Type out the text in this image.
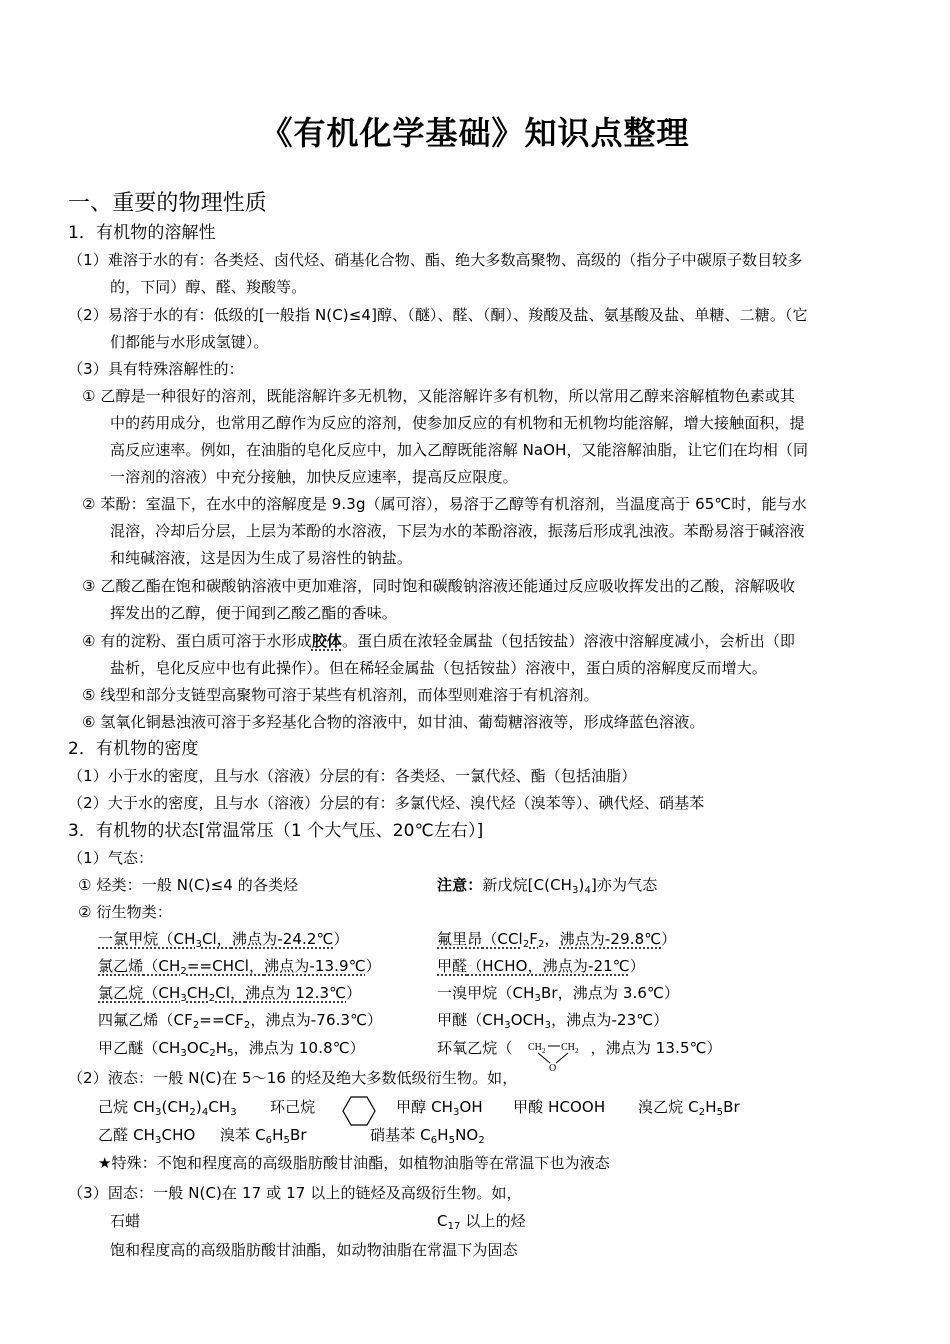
《有机化学基础》知识点整理
一、重要的物理性质
1．有机物的溶解性
（1）难溶于水的有：各类烃、卤代烃、硝基化合物、酯、绝大多数高聚物、高级的（指分子中碳原子数目较多
的，下同）醇、醛、羧酸等。
（2）易溶于水的有：低级的[一般指 N(C)≤4]醇、（醚）、醛、（酮）、羧酸及盐、氨基酸及盐、单糖、二糖。（它
们都能与水形成氢键）。
（3）具有特殊溶解性的：
① 乙醇是一种很好的溶剂，既能溶解许多无机物，又能溶解许多有机物，所以常用乙醇来溶解植物色素或其
中的药用成分，也常用乙醇作为反应的溶剂，使参加反应的有机物和无机物均能溶解，增大接触面积，提
高反应速率。例如，在油脂的皂化反应中，加入乙醇既能溶解 NaOH，又能溶解油脂，让它们在均相（同
一溶剂的溶液）中充分接触，加快反应速率，提高反应限度。
② 苯酚：室温下，在水中的溶解度是 9.3g（属可溶），易溶于乙醇等有机溶剂，当温度高于 65℃时，能与水
混溶，冷却后分层，上层为苯酚的水溶液，下层为水的苯酚溶液，振荡后形成乳浊液。苯酚易溶于碱溶液
和纯碱溶液，这是因为生成了易溶性的钠盐。
③ 乙酸乙酯在饱和碳酸钠溶液中更加难溶，同时饱和碳酸钠溶液还能通过反应吸收挥发出的乙酸，溶解吸收
挥发出的乙醇，便于闻到乙酸乙酯的香味。
④ 有的淀粉、蛋白质可溶于水形成胶体。蛋白质在浓轻金属盐（包括铵盐）溶液中溶解度减小，会析出（即
盐析，皂化反应中也有此操作）。但在稀轻金属盐（包括铵盐）溶液中，蛋白质的溶解度反而增大。
⑤ 线型和部分支链型高聚物可溶于某些有机溶剂，而体型则难溶于有机溶剂。
⑥ 氢氧化铜悬浊液可溶于多羟基化合物的溶液中，如甘油、葡萄糖溶液等，形成绛蓝色溶液。
2．有机物的密度
（1）小于水的密度，且与水（溶液）分层的有：各类烃、一氯代烃、酯（包括油脂）
（2）大于水的密度，且与水（溶液）分层的有：多氯代烃、溴代烃（溴苯等）、碘代烃、硝基苯
3．有机物的状态[常温常压（1 个大气压、20℃左右）]
（1）气态：
① 烃类：一般 N(C)≤4 的各类烃	注意：新戊烷$[C(CH_3)_4]$亦为气态
② 衍生物类：
一氯甲烷（$CH_3Cl$，沸点为-24.2℃）	氟里昂（$CCl_2F_2$，沸点为-29.8℃）
氯乙烯（$CH_2==CHCl$，沸点为-13.9℃）	甲醛（HCHO，沸点为-21℃）
氯乙烷（$CH_3CH_2Cl$，沸点为 12.3℃）	一溴甲烷（$CH_3Br$，沸点为 3.6℃）
四氟乙烯（$CF_2==CF_2$，沸点为-76.3℃）	甲醚（$CH_3OCH_3$，沸点为-23℃）
甲乙醚（$CH_3OC_2H_5$，沸点为 10.8℃）	环氧乙烷（	，沸点为 13.5℃）
CH 2 CH 2
O
（2）液态：一般 N(C)在 5～16 的烃及绝大多数低级衍生物。如，
己烷 $CH_3(CH_2)_4CH_3$ 环己烷	甲醇 $CH_3OH$ 甲酸 HCOOH 溴乙烷 $C_2H_5Br$
乙醛 $CH_3CHO$ 溴苯 $C_6H_5Br$	硝基苯 $C_6H_5NO_2$
★特殊：不饱和程度高的高级脂肪酸甘油酯，如植物油脂等在常温下也为液态
（3）固态：一般 N(C)在 17 或 17 以上的链烃及高级衍生物。如，
石蜡	$C_{17}$ 以上的烃
饱和程度高的高级脂肪酸甘油酯，如动物油脂在常温下为固态
